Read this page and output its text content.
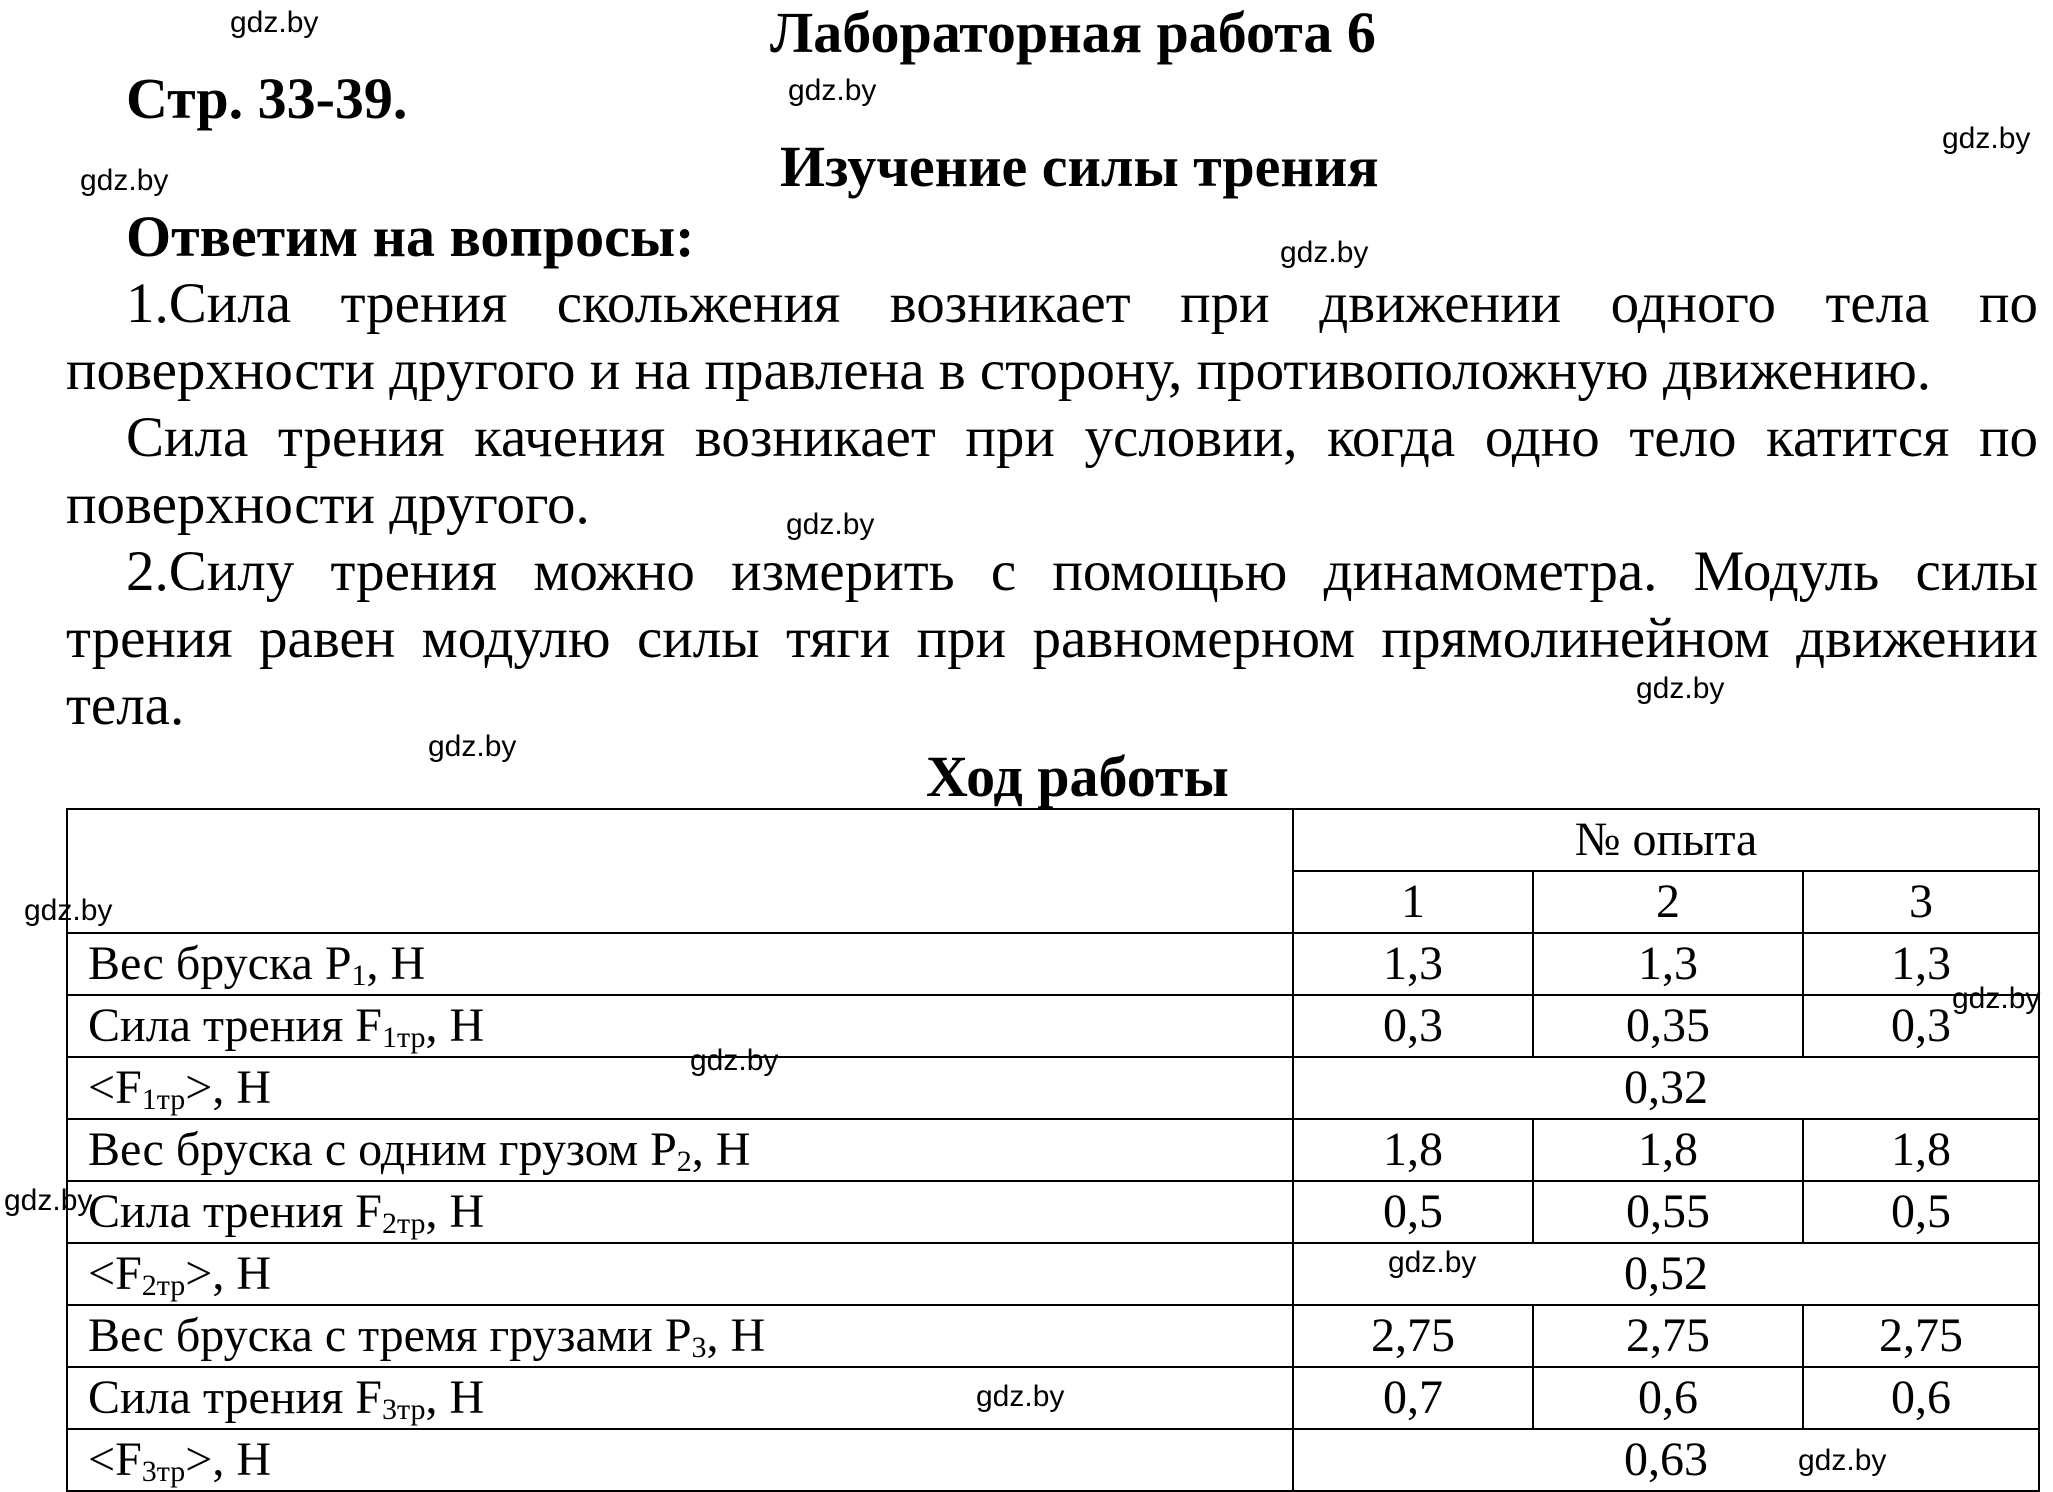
Лабораторная работа 6
Стр. 33-39.
Изучение силы трения
Ответим на вопросы:
1.Сила трения скольжения возникает при движении одного тела по поверхности другого и на правлена в сторону, противоположную движению.
Сила трения качения возникает при условии, когда одно тело катится по поверхности другого.
2.Силу трения можно измерить с помощью динамометра. Модуль силы трения равен модулю силы тяги при равномерном прямолинейном движении тела.
Ход работы
	№ опыта		
	1	2	3
Вес бруска $P_1$, Н	1,3	1,3	1,3
Сила трения $F_{1тр}$, Н	0,3	0,35	0,3
$<F_{1тр}>$, Н	0,32		
Вес бруска с одним грузом $P_2$, Н	1,8	1,8	1,8
Сила трения $F_{2тр}$, Н	0,5	0,55	0,5
$<F_{2тр}>$, Н	0,52		
Вес бруска с тремя грузами $P_3$, Н	2,75	2,75	2,75
Сила трения $F_{3тр}$, Н	0,7	0,6	0,6
$<F_{3тр}>$, Н	0,63		
gdz.by
gdz.by
gdz.by
gdz.by
gdz.by
gdz.by
gdz.by
gdz.by
gdz.by
gdz.by
gdz.by
gdz.by
gdz.by
gdz.by
gdz.by
